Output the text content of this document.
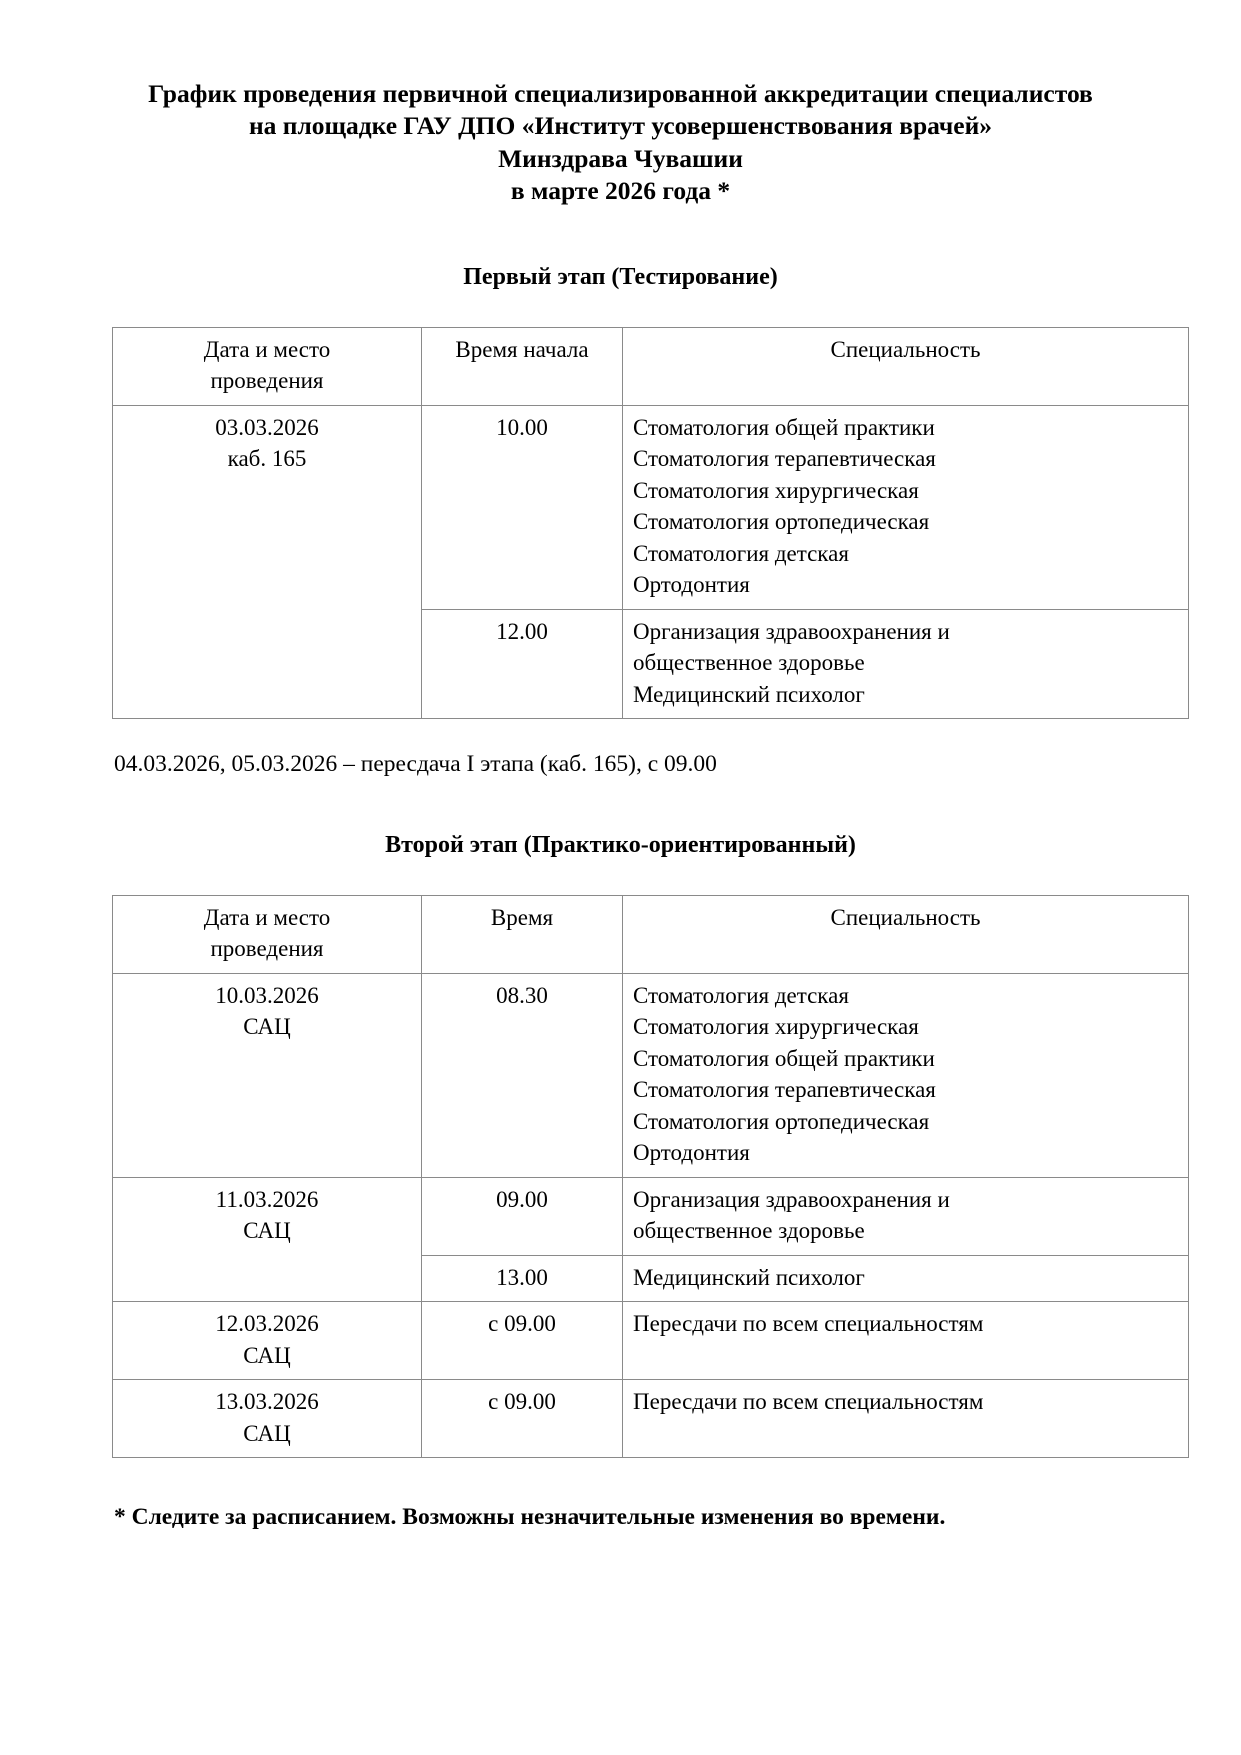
График проведения первичной специализированной аккредитации специалистов
на площадке ГАУ ДПО «Институт усовершенствования врачей»
Минздрава Чувашии
в марте 2026 года *

Первый этап (Тестирование)

Дата и место
проведения	Время начала	Специальность

03.03.2026
каб. 165
	10.00	Стоматология общей практики
Стоматология терапевтическая
Стоматология хирургическая
Стоматология ортопедическая
Стоматология детская
Ортодонтия

	12.00	Организация здравоохранения и
общественное здоровье
Медицинский психолог

04.03.2026, 05.03.2026 – пересдача I этапа (каб. 165), с 09.00

Второй этап (Практико-ориентированный)

Дата и место
проведения	Время	Специальность

10.03.2026
САЦ
	08.30	Стоматология детская
Стоматология хирургическая
Стоматология общей практики
Стоматология терапевтическая
Стоматология ортопедическая
Ортодонтия

11.03.2026
САЦ	09.00	Организация здравоохранения и
общественное здоровье

	13.00	Медицинский психолог

12.03.2026
САЦ	с 09.00	Пересдачи по всем специальностям

13.03.2026
САЦ	с 09.00	Пересдачи по всем специальностям

* Следите за расписанием. Возможны незначительные изменения во времени.
